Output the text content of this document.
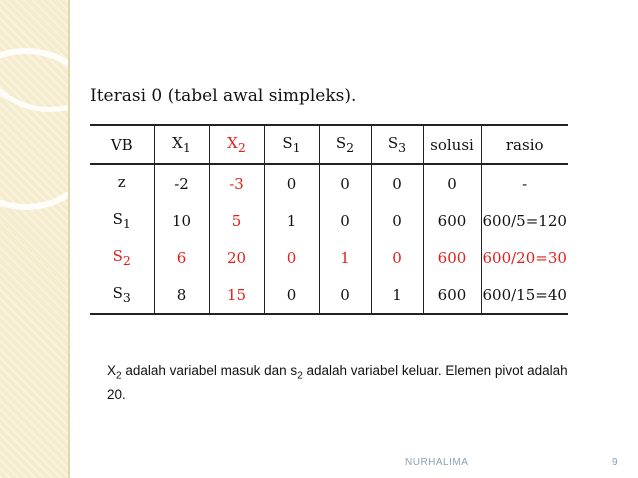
Iterasi 0 (tabel awal simpleks).
VB	$X_1$	$X_2$	$S_1$	$S_2$	$S_3$	solusi	rasio
z	-2	-3	0	0	0	0	-
$S_1$	10	5	1	0	0	600	600/5=120
$S_2$	6	20	0	1	0	600	600/20=30
$S_3$	8	15	0	0	1	600	600/15=40
$X_2$ adalah variabel masuk dan $s_2$ adalah variabel keluar. Elemen pivot adalah 20.
NURHALIMA	9
